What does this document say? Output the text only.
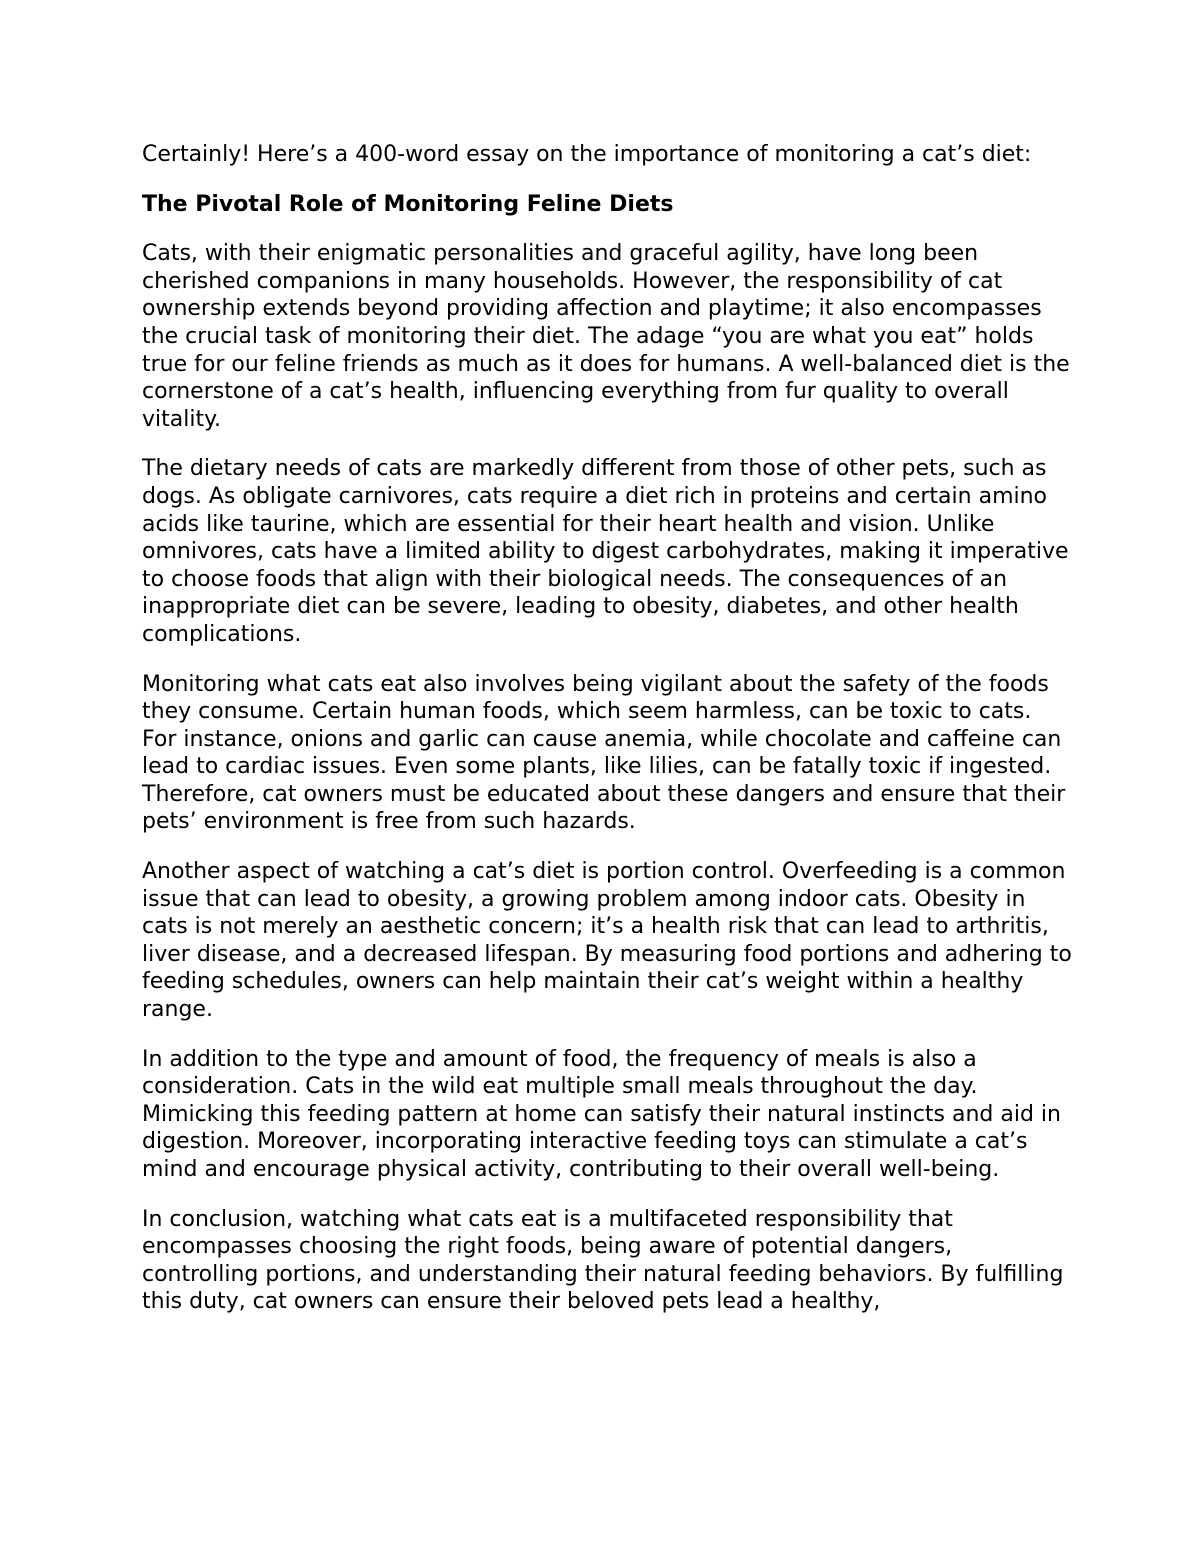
Certainly! Here’s a 400-word essay on the importance of monitoring a cat’s diet:

The Pivotal Role of Monitoring Feline Diets

Cats, with their enigmatic personalities and graceful agility, have long been cherished companions in many households. However, the responsibility of cat ownership extends beyond providing affection and playtime; it also encompasses the crucial task of monitoring their diet. The adage “you are what you eat” holds true for our feline friends as much as it does for humans. A well-balanced diet is the cornerstone of a cat’s health, influencing everything from fur quality to overall vitality.

The dietary needs of cats are markedly different from those of other pets, such as dogs. As obligate carnivores, cats require a diet rich in proteins and certain amino acids like taurine, which are essential for their heart health and vision. Unlike omnivores, cats have a limited ability to digest carbohydrates, making it imperative to choose foods that align with their biological needs. The consequences of an inappropriate diet can be severe, leading to obesity, diabetes, and other health complications.

Monitoring what cats eat also involves being vigilant about the safety of the foods they consume. Certain human foods, which seem harmless, can be toxic to cats. For instance, onions and garlic can cause anemia, while chocolate and caffeine can lead to cardiac issues. Even some plants, like lilies, can be fatally toxic if ingested. Therefore, cat owners must be educated about these dangers and ensure that their pets’ environment is free from such hazards.

Another aspect of watching a cat’s diet is portion control. Overfeeding is a common issue that can lead to obesity, a growing problem among indoor cats. Obesity in cats is not merely an aesthetic concern; it’s a health risk that can lead to arthritis, liver disease, and a decreased lifespan. By measuring food portions and adhering to feeding schedules, owners can help maintain their cat’s weight within a healthy range.

In addition to the type and amount of food, the frequency of meals is also a consideration. Cats in the wild eat multiple small meals throughout the day. Mimicking this feeding pattern at home can satisfy their natural instincts and aid in digestion. Moreover, incorporating interactive feeding toys can stimulate a cat’s mind and encourage physical activity, contributing to their overall well-being.

In conclusion, watching what cats eat is a multifaceted responsibility that encompasses choosing the right foods, being aware of potential dangers, controlling portions, and understanding their natural feeding behaviors. By fulfilling this duty, cat owners can ensure their beloved pets lead a healthy,
